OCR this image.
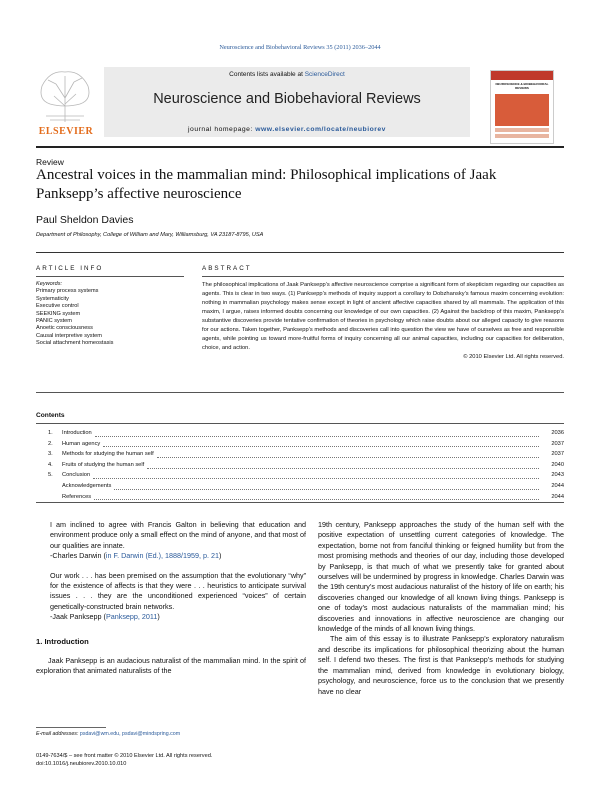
Neuroscience and Biobehavioral Reviews 35 (2011) 2036–2044
ELSEVIER
Contents lists available at ScienceDirect
Neuroscience and Biobehavioral Reviews
journal homepage: www.elsevier.com/locate/neubiorev
NEUROSCIENCE & BIOBEHAVIORAL REVIEWS
Review
Ancestral voices in the mammalian mind: Philosophical implications of Jaak Panksepp’s affective neuroscience
Paul Sheldon Davies
Department of Philosophy, College of William and Mary, Williamsburg, VA 23187-8795, USA
ARTICLE INFO	ABSTRACT
Keywords:
Primary process systems
Systematicity
Executive control
SEEKING system
PANIC system
Anoetic consciousness
Causal interpretive system
Social attachment homeostasis
The philosophical implications of Jaak Panksepp’s affective neuroscience comprise a significant form of skepticism regarding our capacities as agents. This is clear in two ways. (1) Panksepp’s methods of inquiry support a corollary to Dobzhansky’s famous maxim concerning evolution: nothing in mammalian psychology makes sense except in light of ancient affective capacities shared by all mammals. The application of this maxim, I argue, raises informed doubts concerning our knowledge of our own capacities. (2) Against the backdrop of this maxim, Panksepp’s substantive discoveries provide tentative confirmation of theories in psychology which raise doubts about our alleged capacity to give reasons for our actions. Taken together, Panksepp’s methods and discoveries call into question the view we have of ourselves as free and responsible agents, while pointing us toward more-fruitful forms of inquiry concerning all our animal capacities, including our capacities for deliberation, choice, and action.
© 2010 Elsevier Ltd. All rights reserved.
Contents
1.	Introduction	2036
2.	Human agency	2037
3.	Methods for studying the human self	2037
4.	Fruits of studying the human self	2040
5.	Conclusion	2043
Acknowledgements	2044
References	2044

I am inclined to agree with Francis Galton in believing that education and environment produce only a small effect on the mind of anyone, and that most of our qualities are innate.

-Charles Darwin (in F. Darwin (Ed.), 1888/1959, p. 21)

Our work . . . has been premised on the assumption that the evolutionary “why” for the existence of affects is that they were . . . heuristics to anticipate survival issues . . . they are the unconditioned experienced “voices” of certain genetically-constructed brain networks.

-Jaak Panksepp (Panksepp, 2011)

1. Introduction
Jaak Panksepp is an audacious naturalist of the mammalian mind. In the spirit of exploration that animated naturalists of the

19th century, Panksepp approaches the study of the human self with the positive expectation of unsettling current categories of knowledge. The expectation, borne not from fanciful thinking or feigned humility but from the most promising methods and theories of our day, including those developed by Panksepp, is that much of what we presently take for granted about ourselves will be undermined by progress in knowledge. Charles Darwin was the 19th century’s most audacious naturalist of the history of life on earth; his discoveries changed our knowledge of all known living things. Panksepp is one of today’s most audacious naturalists of the mammalian mind; his discoveries and innovations in affective neuroscience are changing our knowledge of the minds of all known living things.

The aim of this essay is to illustrate Panksepp’s exploratory naturalism and describe its implications for philosophical theorizing about the human self. I defend two theses. The first is that Panksepp’s methods for studying the mammalian mind, derived from knowledge in evolutionary biology, psychology, and neuroscience, force us to the conclusion that we presently have no clear

E-mail addresses: psdavi@wm.edu, psdavi@mindspring.com
0149-7634/$ – see front matter © 2010 Elsevier Ltd. All rights reserved.
doi:10.1016/j.neubiorev.2010.10.010
